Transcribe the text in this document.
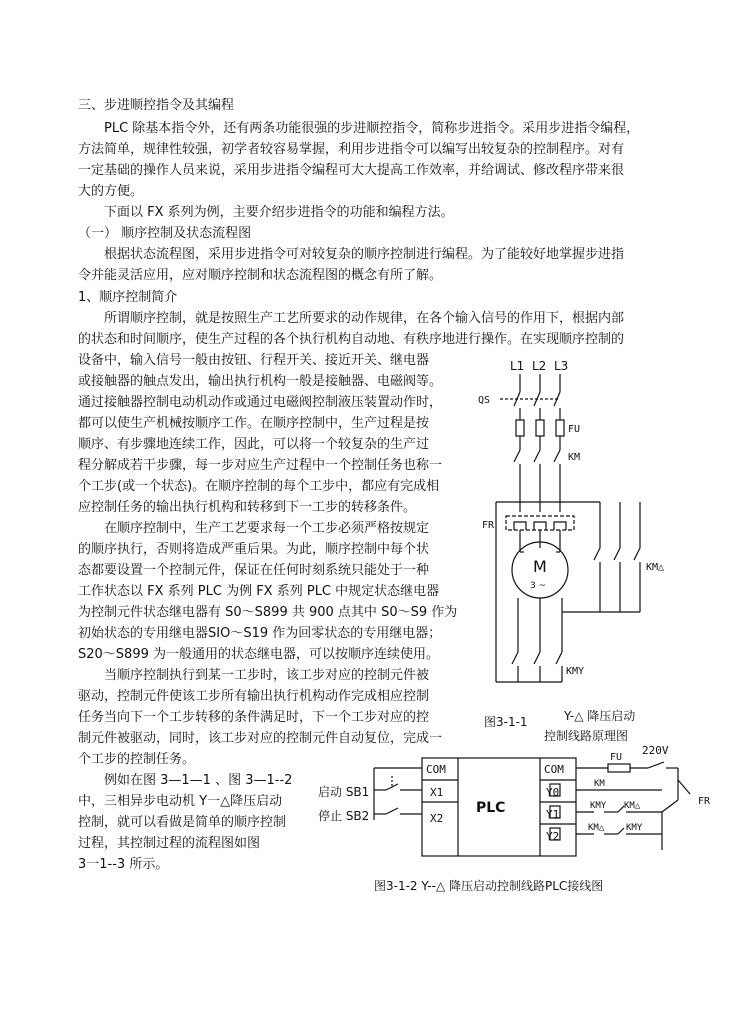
三、步进顺控指令及其编程
PLC 除基本指令外，还有两条功能很强的步进顺控指令，简称步进指令。采用步进指令编程，
方法简单，规律性较强，初学者较容易掌握，利用步进指令可以编写出较复杂的控制程序。对有
一定基础的操作人员来说，采用步进指令编程可大大提高工作效率，并给调试、修改程序带来很
大的方便。
下面以 FX 系列为例，主要介绍步进指令的功能和编程方法。
（一） 顺序控制及状态流程图
根据状态流程图，采用步进指令可对较复杂的顺序控制进行编程。为了能较好地掌握步进指
令并能灵活应用，应对顺序控制和状态流程图的概念有所了解。
1、顺序控制简介
所谓顺序控制，就是按照生产工艺所要求的动作规律，在各个输入信号的作用下，根据内部
的状态和时间顺序，使生产过程的各个执行机构自动地、有秩序地进行操作。在实现顺序控制的
设备中，输入信号一般由按钮、行程开关、接近开关、继电器
或接触器的触点发出，输出执行机构一般是接触器、电磁阀等。
通过接触器控制电动机动作或通过电磁阀控制液压装置动作时，
都可以使生产机械按顺序工作。在顺序控制中，生产过程是按
顺序、有步骤地连续工作，因此，可以将一个较复杂的生产过
程分解成若干步骤，每一步对应生产过程中一个控制任务也称一
个工步(或一个状态)。在顺序控制的每个工步中，都应有完成相
应控制任务的输出执行机构和转移到下一工步的转移条件。
在顺序控制中，生产工艺要求每一个工步必须严格按规定
的顺序执行，否则将造成严重后果。为此，顺序控制中每个状
态都要设置一个控制元件，保证在任何时刻系统只能处于一种
工作状态以 FX 系列 PLC 为例 FX 系列 PLC 中规定状态继电器
为控制元件状态继电器有 S0～S899 共 900 点其中 S0～S9 作为
初始状态的专用继电器SIO～S19 作为回零状态的专用继电器；
S20～S899 为一般通用的状态继电器，可以按顺序连续使用。
当顺序控制执行到某一工步时，该工步对应的控制元件被
驱动，控制元件使该工步所有输出执行机构动作完成相应控制
任务当向下一个工步转移的条件满足时，下一个工步对应的控
制元件被驱动，同时，该工步对应的控制元件自动复位，完成一
个工步的控制任务。
例如在图 3—1—1 、图 3—1--2
中，三相异步电动机 Y一△降压启动
控制，就可以看做是简单的顺序控制
过程，其控制过程的流程图如图
3一1--3 所示。
L1 L2 L3
QS
FU
KM
FR
M
3 ~
KM△
KMY
图3-1-1	Y-△ 降压启动
控制线路原理图
COM
X1
X2
PLC
COM
Y0
Y1
Y2
启动 SB1
停止 SB2
FU
220V
KM
KMY KM△
KM△ KMY
FR
图3-1-2 Y--△ 降压启动控制线路PLC接线图
